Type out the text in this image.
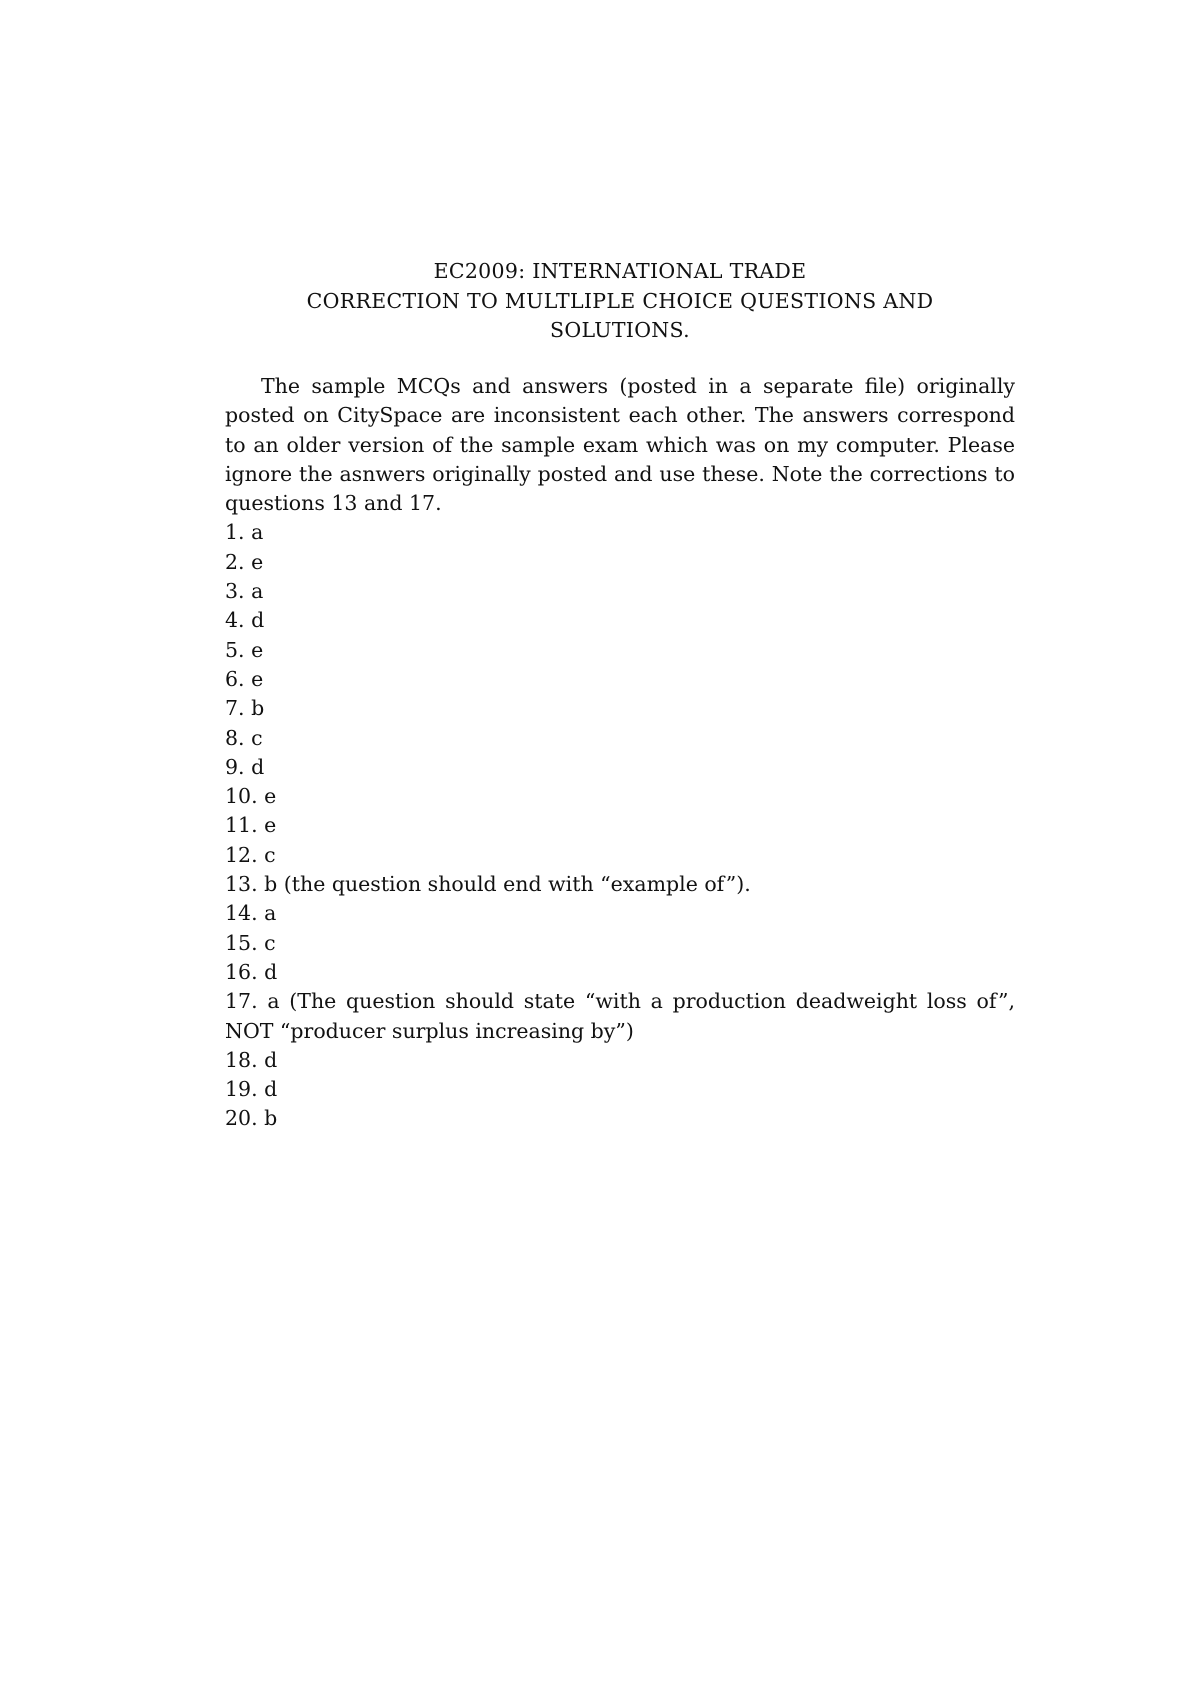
EC2009: INTERNATIONAL TRADE
CORRECTION TO MULTLIPLE CHOICE QUESTIONS AND
SOLUTIONS.

The sample MCQs and answers (posted in a separate file) originally posted on CitySpace are inconsistent each other. The answers correspond to an older version of the sample exam which was on my computer. Please ignore the asnwers originally posted and use these. Note the corrections to questions 13 and 17.

1. a
2. e
3. a
4. d
5. e
6. e
7. b
8. c
9. d
10. e
11. e
12. c
13. b (the question should end with “example of”).
14. a
15. c
16. d
17. a (The question should state “with a production deadweight loss of”, NOT “producer surplus increasing by”)
18. d
19. d
20. b
